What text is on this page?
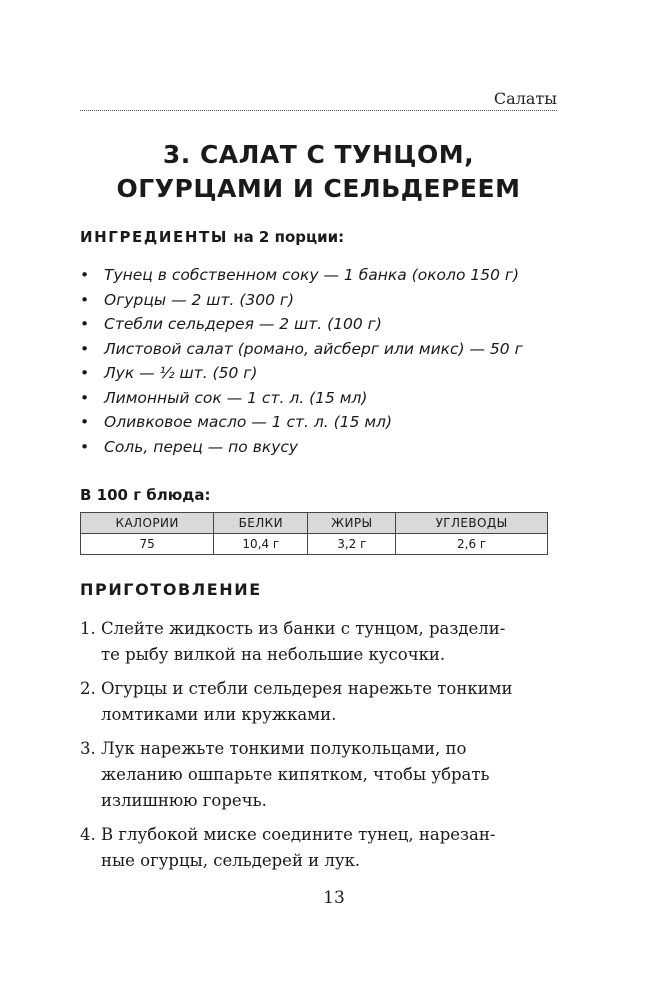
Салаты
3. САЛАТ С ТУНЦОМ,
ОГУРЦАМИ И СЕЛЬДЕРЕЕМ
ИНГРЕДИЕНТЫ на 2 порции:
• Тунец в собственном соку — 1 банка (около 150 г)
• Огурцы — 2 шт. (300 г)
• Стебли сельдерея — 2 шт. (100 г)
• Листовой салат (романо, айсберг или микс) — 50 г
• Лук — ½ шт. (50 г)
• Лимонный сок — 1 ст. л. (15 мл)
• Оливковое масло — 1 ст. л. (15 мл)
• Соль, перец — по вкусу
В 100 г блюда:
КАЛОРИИ	БЕЛКИ	ЖИРЫ	УГЛЕВОДЫ
75	10,4 г	3,2 г	2,6 г
ПРИГОТОВЛЕНИЕ
1. Слейте жидкость из банки с тунцом, раздели-
те рыбу вилкой на небольшие кусочки.
2. Огурцы и стебли сельдерея нарежьте тонкими
ломтиками или кружками.
3. Лук нарежьте тонкими полукольцами, по
желанию ошпарьте кипятком, чтобы убрать
излишнюю горечь.
4. В глубокой миске соедините тунец, нарезан-
ные огурцы, сельдерей и лук.
13
